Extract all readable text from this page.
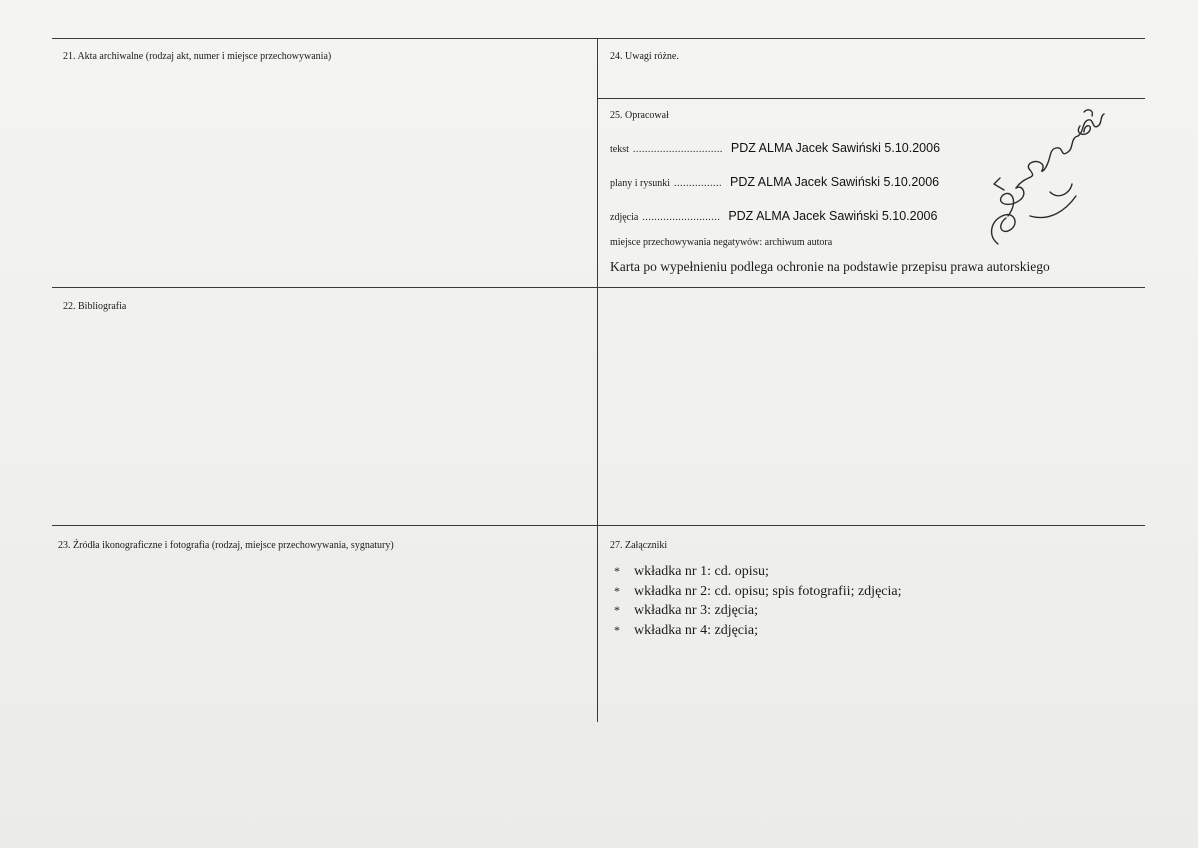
21. Akta archiwalne (rodzaj akt, numer i miejsce przechowywania)	24. Uwagi różne.
25. Opracował
tekst .............................. PDZ ALMA Jacek Sawiński 5.10.2006
plany i rysunki ................ PDZ ALMA Jacek Sawiński 5.10.2006
zdjęcia .......................... PDZ ALMA Jacek Sawiński 5.10.2006
miejsce przechowywania negatywów: archiwum autora
Karta po wypełnieniu podlega ochronie na podstawie przepisu prawa autorskiego
22. Bibliografia
23. Źródła ikonograficzne i fotografia (rodzaj, miejsce przechowywania, sygnatury)	27. Załączniki
*	wkładka nr 1: cd. opisu;
*	wkładka nr 2: cd. opisu; spis fotografii; zdjęcia;
*	wkładka nr 3: zdjęcia;
*	wkładka nr 4: zdjęcia;
